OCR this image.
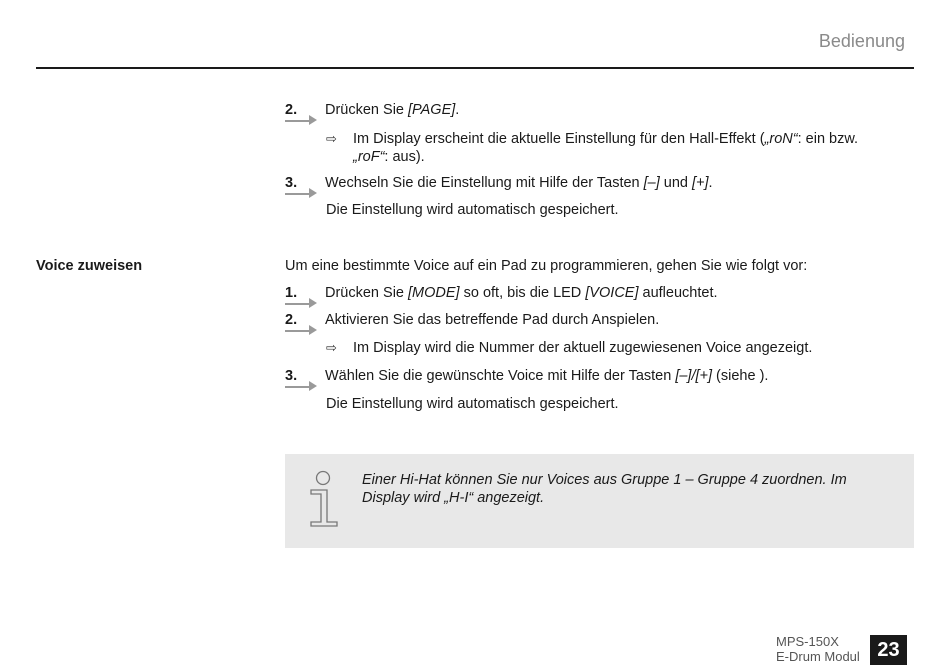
Bedienung
2.	Drücken Sie [PAGE].
⇨	Im Display erscheint die aktuelle Einstellung für den Hall-Effekt („roN“: ein bzw. „roF“: aus).
3.	Wechseln Sie die Einstellung mit Hilfe der Tasten [–] und [+].
Die Einstellung wird automatisch gespeichert.
Voice zuweisen	Um eine bestimmte Voice auf ein Pad zu programmieren, gehen Sie wie folgt vor:
1.	Drücken Sie [MODE] so oft, bis die LED [VOICE] aufleuchtet.
2.	Aktivieren Sie das betreffende Pad durch Anspielen.
⇨	Im Display wird die Nummer der aktuell zugewiesenen Voice angezeigt.
3.	Wählen Sie die gewünschte Voice mit Hilfe der Tasten [–]/[+] (siehe ).
Die Einstellung wird automatisch gespeichert.
Einer Hi-Hat können Sie nur Voices aus Gruppe 1 – Gruppe 4 zuordnen. Im Display wird „H-I“ angezeigt.
MPS-150X
E-Drum Modul 23
